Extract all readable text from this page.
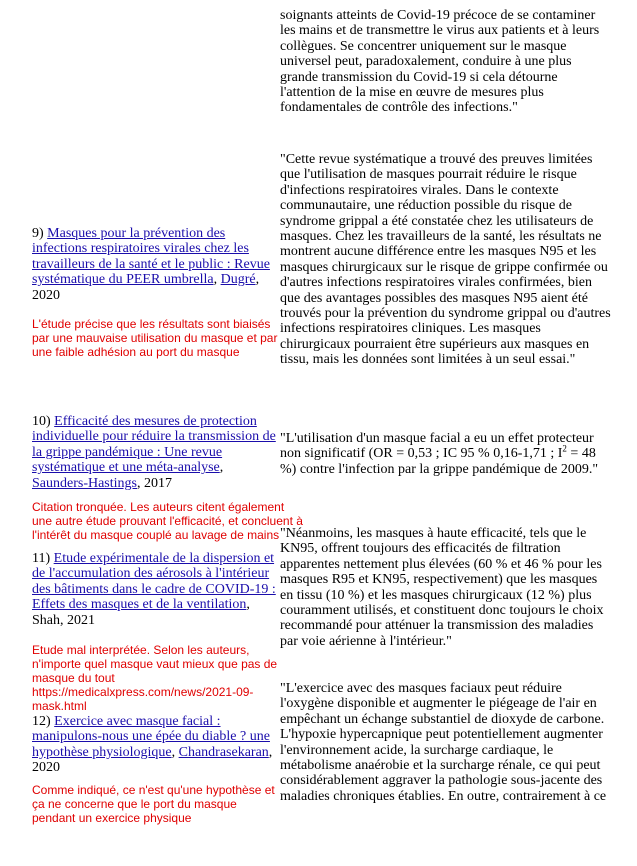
soignants atteints de Covid-19 précoce de se contaminer les mains et de transmettre le virus aux patients et à leurs collègues. Se concentrer uniquement sur le masque universel peut, paradoxalement, conduire à une plus grande transmission du Covid-19 si cela détourne l'attention de la mise en œuvre de mesures plus fondamentales de contrôle des infections."
"Cette revue systématique a trouvé des preuves limitées que l'utilisation de masques pourrait réduire le risque d'infections respiratoires virales. Dans le contexte communautaire, une réduction possible du risque de syndrome grippal a été constatée chez les utilisateurs de masques. Chez les travailleurs de la santé, les résultats ne montrent aucune différence entre les masques N95 et les masques chirurgicaux sur le risque de grippe confirmée ou d'autres infections respiratoires virales confirmées, bien que des avantages possibles des masques N95 aient été trouvés pour la prévention du syndrome grippal ou d'autres infections respiratoires cliniques. Les masques chirurgicaux pourraient être supérieurs aux masques en tissu, mais les données sont limitées à un seul essai."
"L'utilisation d'un masque facial a eu un effet protecteur non significatif (OR = 0,53 ; IC 95 % 0,16-1,71 ; $I^2 = 48$ %) contre l'infection par la grippe pandémique de 2009."
"Néanmoins, les masques à haute efficacité, tels que le KN95, offrent toujours des efficacités de filtration apparentes nettement plus élevées (60 % et 46 % pour les masques R95 et KN95, respectivement) que les masques en tissu (10 %) et les masques chirurgicaux (12 %) plus couramment utilisés, et constituent donc toujours le choix recommandé pour atténuer la transmission des maladies par voie aérienne à l'intérieur."
"L'exercice avec des masques faciaux peut réduire l'oxygène disponible et augmenter le piégeage de l'air en empêchant un échange substantiel de dioxyde de carbone. L'hypoxie hypercapnique peut potentiellement augmenter l'environnement acide, la surcharge cardiaque, le métabolisme anaérobie et la surcharge rénale, ce qui peut considérablement aggraver la pathologie sous-jacente des maladies chroniques établies. En outre, contrairement à ce
9) Masques pour la prévention des infections respiratoires virales chez les travailleurs de la santé et le public : Revue systématique du PEER umbrella, Dugré, 2020
10) Efficacité des mesures de protection individuelle pour réduire la transmission de la grippe pandémique : Une revue systématique et une méta-analyse, Saunders-Hastings, 2017
11) Etude expérimentale de la dispersion et de l'accumulation des aérosols à l'intérieur des bâtiments dans le cadre de COVID-19 : Effets des masques et de la ventilation, Shah, 2021
12) Exercice avec masque facial : manipulons-nous une épée du diable ? une hypothèse physiologique, Chandrasekaran, 2020
L'étude précise que les résultats sont biaisés par une mauvaise utilisation du masque et par une faible adhésion au port du masque
Citation tronquée. Les auteurs citent également
une autre étude prouvant l'efficacité, et concluent à
l'intérêt du masque couplé au lavage de mains
Etude mal interprétée. Selon les auteurs, n'importe quel masque vaut mieux que pas de masque du tout
https://medicalxpress.com/news/2021-09-mask.html
Comme indiqué, ce n'est qu'une hypothèse et ça ne concerne que le port du masque pendant un exercice physique
